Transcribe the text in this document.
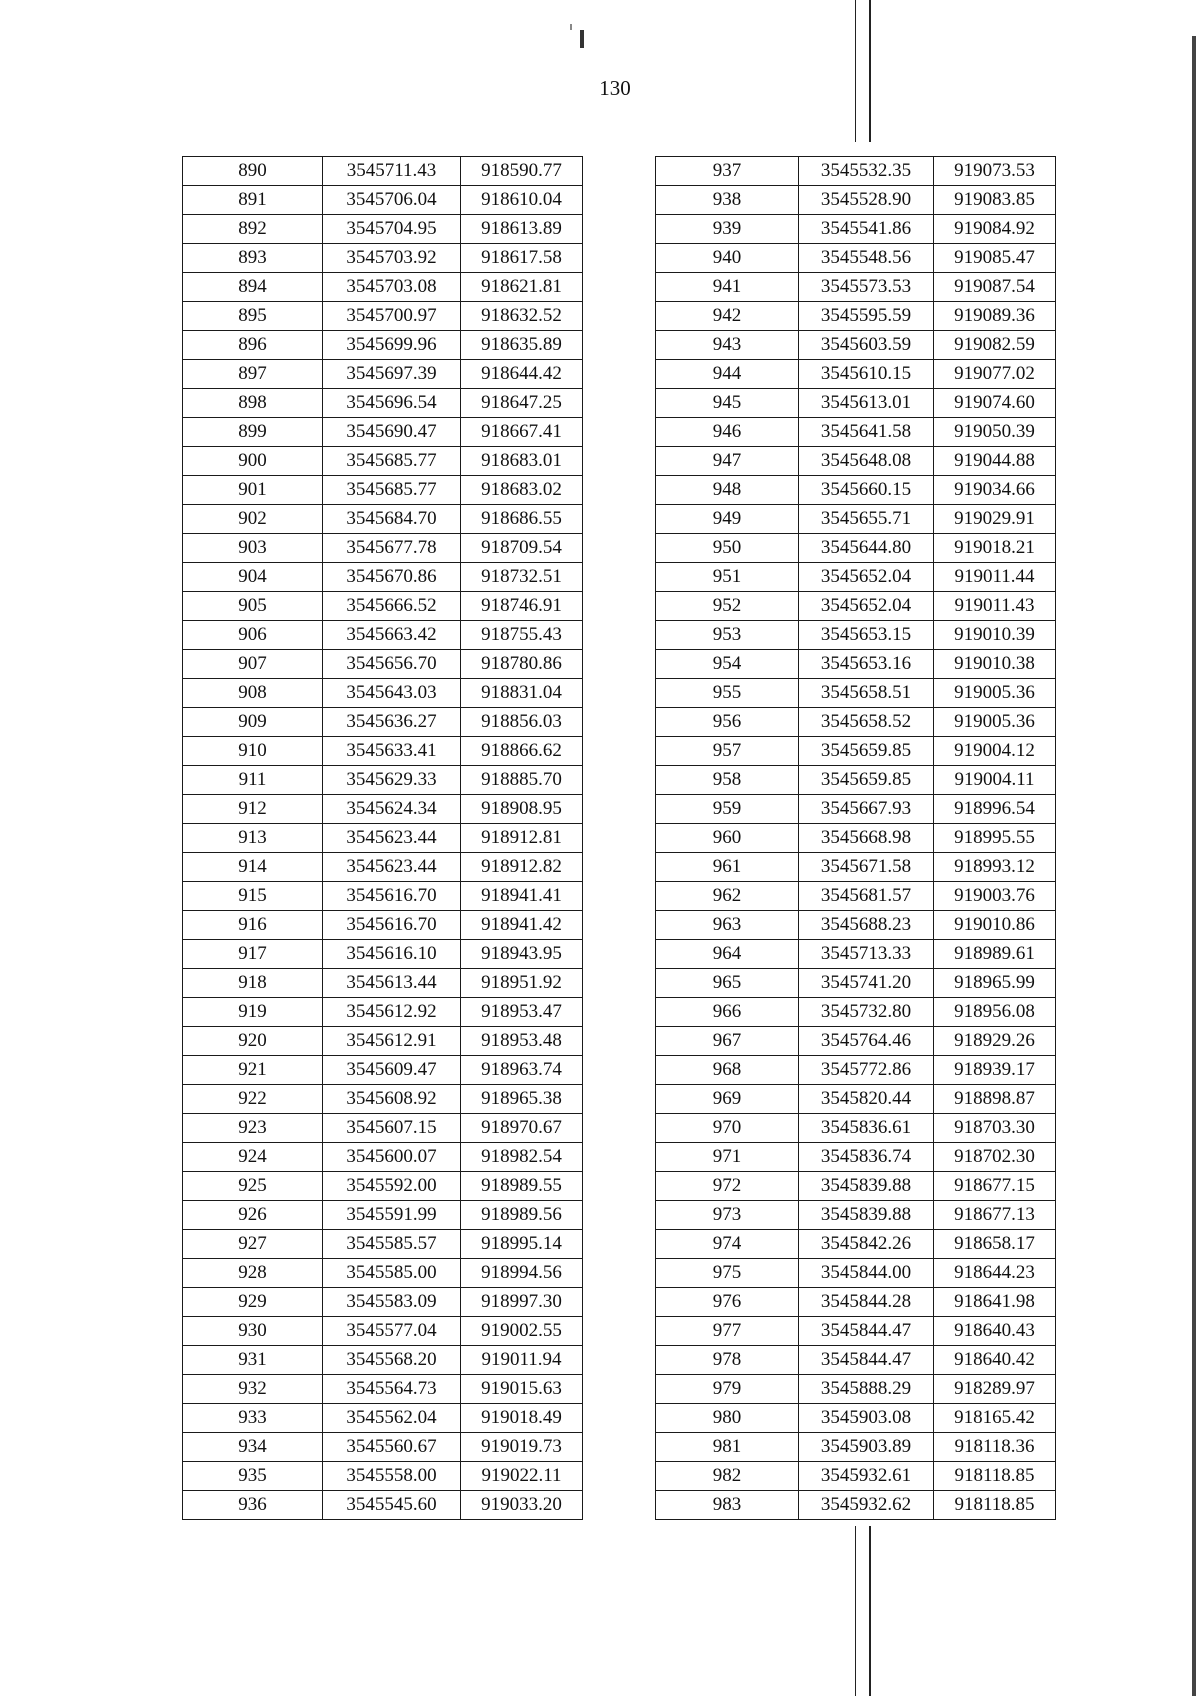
130
890	3545711.43	918590.77
891	3545706.04	918610.04
892	3545704.95	918613.89
893	3545703.92	918617.58
894	3545703.08	918621.81
895	3545700.97	918632.52
896	3545699.96	918635.89
897	3545697.39	918644.42
898	3545696.54	918647.25
899	3545690.47	918667.41
900	3545685.77	918683.01
901	3545685.77	918683.02
902	3545684.70	918686.55
903	3545677.78	918709.54
904	3545670.86	918732.51
905	3545666.52	918746.91
906	3545663.42	918755.43
907	3545656.70	918780.86
908	3545643.03	918831.04
909	3545636.27	918856.03
910	3545633.41	918866.62
911	3545629.33	918885.70
912	3545624.34	918908.95
913	3545623.44	918912.81
914	3545623.44	918912.82
915	3545616.70	918941.41
916	3545616.70	918941.42
917	3545616.10	918943.95
918	3545613.44	918951.92
919	3545612.92	918953.47
920	3545612.91	918953.48
921	3545609.47	918963.74
922	3545608.92	918965.38
923	3545607.15	918970.67
924	3545600.07	918982.54
925	3545592.00	918989.55
926	3545591.99	918989.56
927	3545585.57	918995.14
928	3545585.00	918994.56
929	3545583.09	918997.30
930	3545577.04	919002.55
931	3545568.20	919011.94
932	3545564.73	919015.63
933	3545562.04	919018.49
934	3545560.67	919019.73
935	3545558.00	919022.11
936	3545545.60	919033.20
937	3545532.35	919073.53
938	3545528.90	919083.85
939	3545541.86	919084.92
940	3545548.56	919085.47
941	3545573.53	919087.54
942	3545595.59	919089.36
943	3545603.59	919082.59
944	3545610.15	919077.02
945	3545613.01	919074.60
946	3545641.58	919050.39
947	3545648.08	919044.88
948	3545660.15	919034.66
949	3545655.71	919029.91
950	3545644.80	919018.21
951	3545652.04	919011.44
952	3545652.04	919011.43
953	3545653.15	919010.39
954	3545653.16	919010.38
955	3545658.51	919005.36
956	3545658.52	919005.36
957	3545659.85	919004.12
958	3545659.85	919004.11
959	3545667.93	918996.54
960	3545668.98	918995.55
961	3545671.58	918993.12
962	3545681.57	919003.76
963	3545688.23	919010.86
964	3545713.33	918989.61
965	3545741.20	918965.99
966	3545732.80	918956.08
967	3545764.46	918929.26
968	3545772.86	918939.17
969	3545820.44	918898.87
970	3545836.61	918703.30
971	3545836.74	918702.30
972	3545839.88	918677.15
973	3545839.88	918677.13
974	3545842.26	918658.17
975	3545844.00	918644.23
976	3545844.28	918641.98
977	3545844.47	918640.43
978	3545844.47	918640.42
979	3545888.29	918289.97
980	3545903.08	918165.42
981	3545903.89	918118.36
982	3545932.61	918118.85
983	3545932.62	918118.85
